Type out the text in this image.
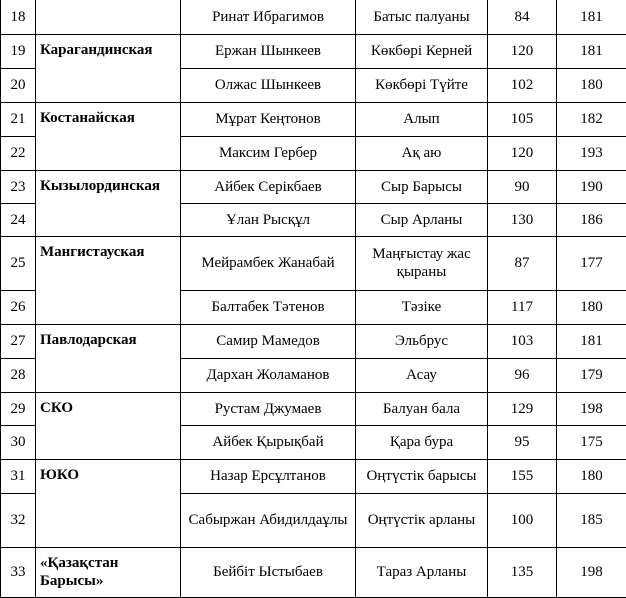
18		Ринат Ибрагимов	Батыс палуаны	84	181
19	Карагандинская	Ержан Шынкеев	Көкбөрі Керней	120	181
20		Олжас Шынкеев	Көкбөрі Түйте	102	180
21	Костанайская	Мұрат Кеңтонов	Алып	105	182
22		Максим Гербер	Ақ аю	120	193
23	Кызылординская	Айбек Серікбаев	Сыр Барысы	90	190
24		Ұлан Рысқұл	Сыр Арланы	130	186
25	Мангистауская	Мейрамбек Жанабай	Маңғыстау жас қыраны	87	177
26		Балтабек Тәтенов	Тәзіке	117	180
27	Павлодарская	Самир Мамедов	Эльбрус	103	181
28		Дархан Жоламанов	Асау	96	179
29	СКО	Рустам Джумаев	Балуан бала	129	198
30		Айбек Қырықбай	Қара бура	95	175
31	ЮКО	Назар Ерсұлтанов	Оңтүстік барысы	155	180
32		Сабыржан Абидилдаұлы	Оңтүстік арланы	100	185
33	«Қазақстан Барысы»	Бейбіт Ыстыбаев	Тараз Арланы	135	198
